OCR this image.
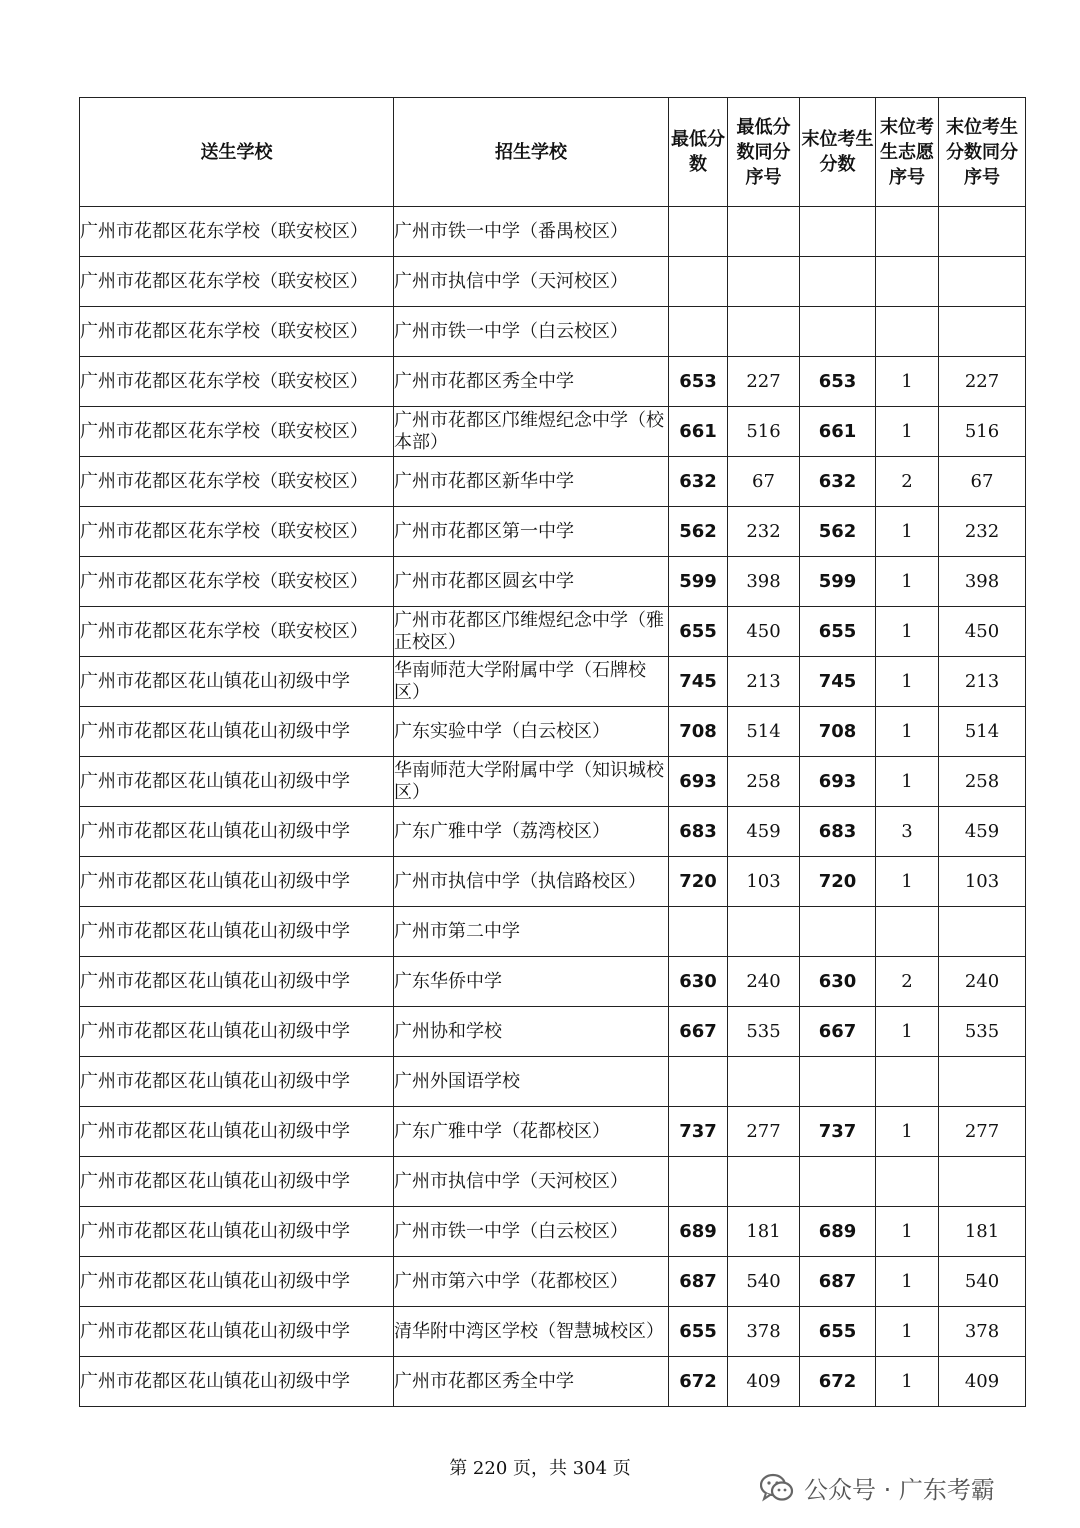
送生学校	招生学校	最低分数	最低分数同分序号	末位考生分数	末位考生志愿序号	末位考生分数同分序号
广州市花都区花东学校（联安校区）	广州市铁一中学（番禺校区）					
广州市花都区花东学校（联安校区）	广州市执信中学（天河校区）					
广州市花都区花东学校（联安校区）	广州市铁一中学（白云校区）					
广州市花都区花东学校（联安校区）	广州市花都区秀全中学	653	227	653	1	227
广州市花都区花东学校（联安校区）	广州市花都区邝维煜纪念中学（校本部）	661	516	661	1	516
广州市花都区花东学校（联安校区）	广州市花都区新华中学	632	67	632	2	67
广州市花都区花东学校（联安校区）	广州市花都区第一中学	562	232	562	1	232
广州市花都区花东学校（联安校区）	广州市花都区圆玄中学	599	398	599	1	398
广州市花都区花东学校（联安校区）	广州市花都区邝维煜纪念中学（雅正校区）	655	450	655	1	450
广州市花都区花山镇花山初级中学	华南师范大学附属中学（石牌校区）	745	213	745	1	213
广州市花都区花山镇花山初级中学	广东实验中学（白云校区）	708	514	708	1	514
广州市花都区花山镇花山初级中学	华南师范大学附属中学（知识城校区）	693	258	693	1	258
广州市花都区花山镇花山初级中学	广东广雅中学（荔湾校区）	683	459	683	3	459
广州市花都区花山镇花山初级中学	广州市执信中学（执信路校区）	720	103	720	1	103
广州市花都区花山镇花山初级中学	广州市第二中学					
广州市花都区花山镇花山初级中学	广东华侨中学	630	240	630	2	240
广州市花都区花山镇花山初级中学	广州协和学校	667	535	667	1	535
广州市花都区花山镇花山初级中学	广州外国语学校					
广州市花都区花山镇花山初级中学	广东广雅中学（花都校区）	737	277	737	1	277
广州市花都区花山镇花山初级中学	广州市执信中学（天河校区）					
广州市花都区花山镇花山初级中学	广州市铁一中学（白云校区）	689	181	689	1	181
广州市花都区花山镇花山初级中学	广州市第六中学（花都校区）	687	540	687	1	540
广州市花都区花山镇花山初级中学	清华附中湾区学校（智慧城校区）	655	378	655	1	378
广州市花都区花山镇花山初级中学	广州市花都区秀全中学	672	409	672	1	409
第 220 页，共 304 页
公众号 · 广东考霸
